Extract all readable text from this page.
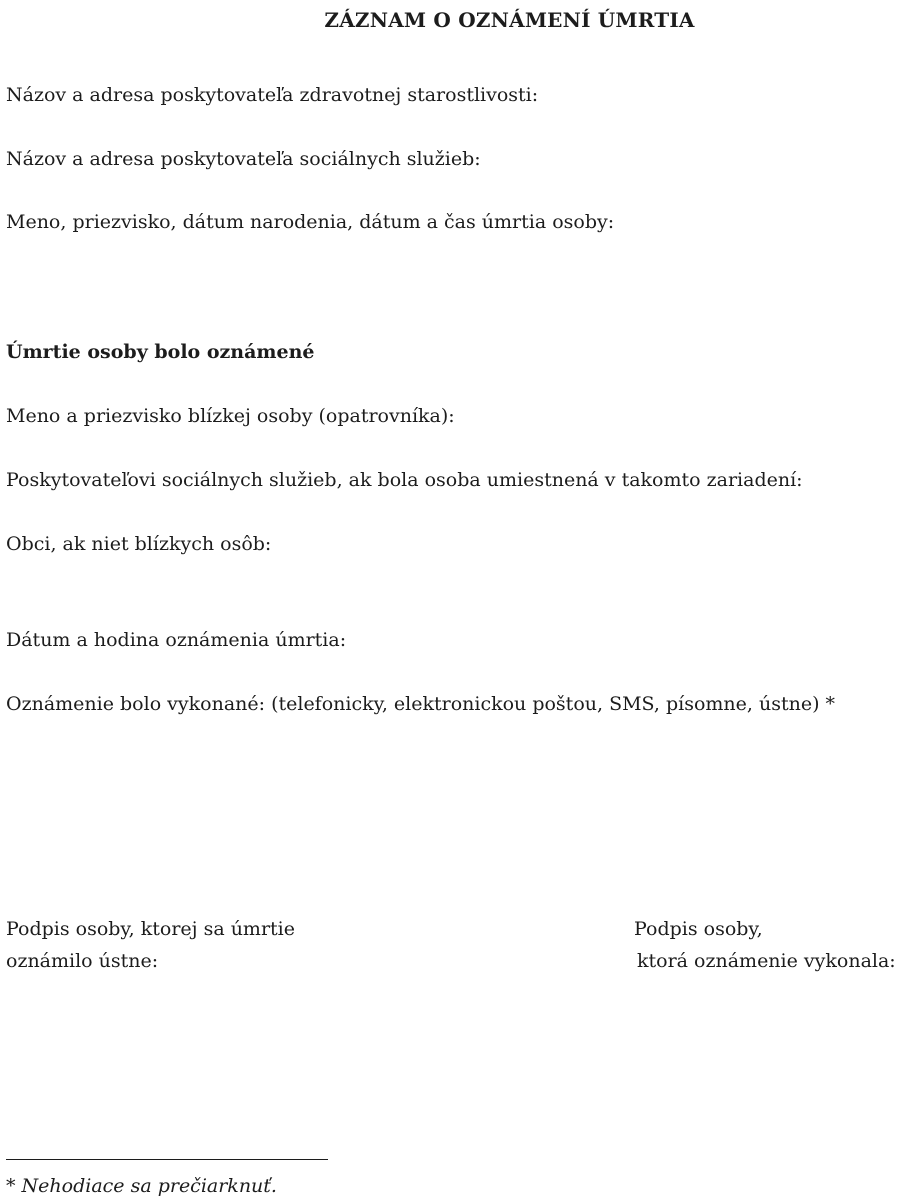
ZÁZNAM O OZNÁMENÍ ÚMRTIA
Názov a adresa poskytovateľa zdravotnej starostlivosti:
Názov a adresa poskytovateľa sociálnych služieb:
Meno, priezvisko, dátum narodenia, dátum a čas úmrtia osoby:
Úmrtie osoby bolo oznámené
Meno a priezvisko blízkej osoby (opatrovníka):
Poskytovateľovi sociálnych služieb, ak bola osoba umiestnená v takomto zariadení:
Obci, ak niet blízkych osôb:
Dátum a hodina oznámenia úmrtia:
Oznámenie bolo vykonané: (telefonicky, elektronickou poštou, SMS, písomne, ústne) *
Podpis osoby, ktorej sa úmrtie
oznámilo ústne:
Podpis osoby,
ktorá oznámenie vykonala:
* Nehodiace sa prečiarknuť.
